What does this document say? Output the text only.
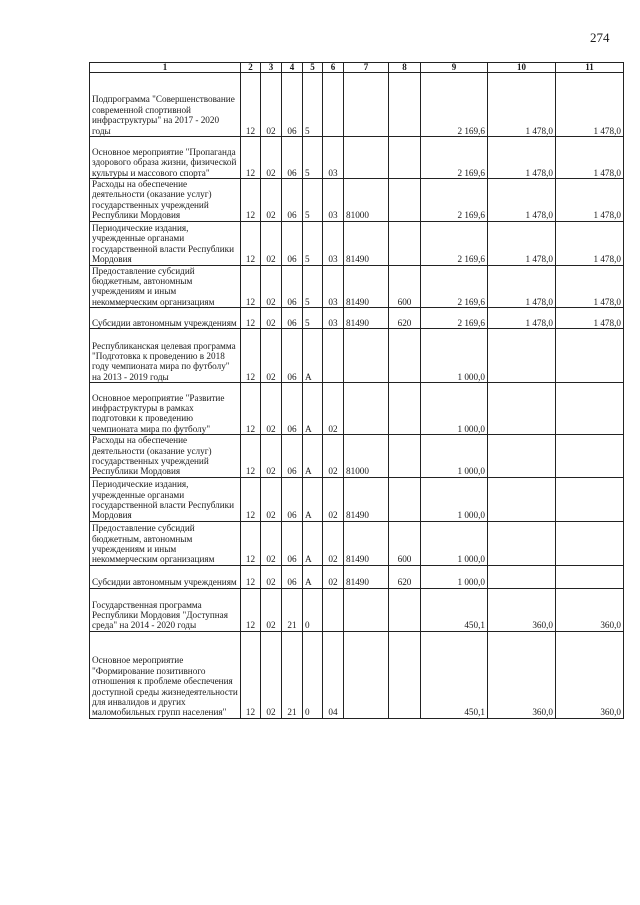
274
1	2	3	4	5	6	7	8	9	10	11
Подпрограмма "Совершенствование современной спортивной инфраструктуры" на 2017 - 2020 годы	12	02	06	5				2 169,6	1 478,0	1 478,0
Основное мероприятие "Пропаганда здорового образа жизни, физической культуры и массового спорта"	12	02	06	5	03			2 169,6	1 478,0	1 478,0
Расходы на обеспечение деятельности (оказание услуг) государственных учреждений Республики Мордовия	12	02	06	5	03	81000		2 169,6	1 478,0	1 478,0
Периодические издания, учрежденные органами государственной власти Республики Мордовия	12	02	06	5	03	81490		2 169,6	1 478,0	1 478,0
Предоставление субсидий бюджетным, автономным учреждениям и иным некоммерческим организациям	12	02	06	5	03	81490	600	2 169,6	1 478,0	1 478,0
Субсидии автономным учреждениям	12	02	06	5	03	81490	620	2 169,6	1 478,0	1 478,0
Республиканская целевая программа "Подготовка к проведению в 2018 году чемпионата мира по футболу" на 2013 - 2019 годы	12	02	06	А				1 000,0		
Основное мероприятие "Развитие инфраструктуры в рамках подготовки к проведению чемпионата мира по футболу"	12	02	06	А	02			1 000,0		
Расходы на обеспечение деятельности (оказание услуг) государственных учреждений Республики Мордовия	12	02	06	А	02	81000		1 000,0		
Периодические издания, учрежденные органами государственной власти Республики Мордовия	12	02	06	А	02	81490		1 000,0		
Предоставление субсидий бюджетным, автономным учреждениям и иным некоммерческим организациям	12	02	06	А	02	81490	600	1 000,0		
Субсидии автономным учреждениям	12	02	06	А	02	81490	620	1 000,0		
Государственная программа Республики Мордовия "Доступная среда" на 2014 - 2020 годы	12	02	21	0				450,1	360,0	360,0
Основное мероприятие "Формирование позитивного отношения к проблеме обеспечения доступной среды жизнедеятельности для инвалидов и других маломобильных групп населения"	12	02	21	0	04			450,1	360,0	360,0
